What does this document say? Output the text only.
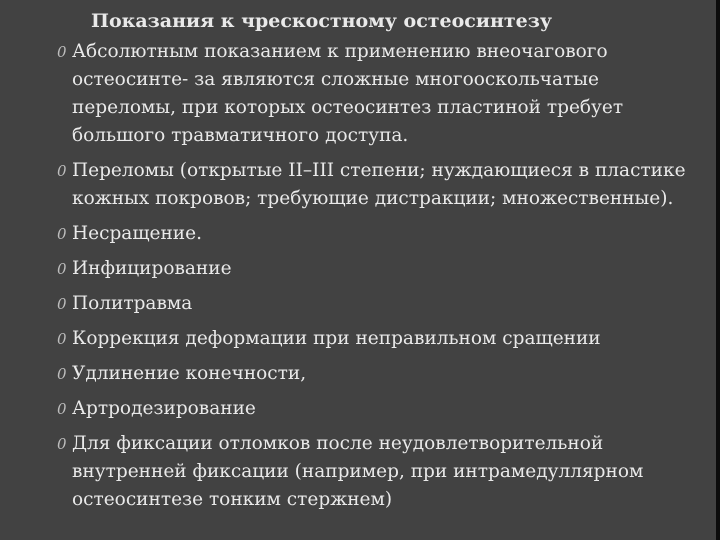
Показания к чрескостному остеосинтезу
0 Абсолютным показанием к применению внеочагового остеосинте- за являются сложные многооскольчатые переломы, при которых остеосинтез пластиной требует большого травматичного доступа.
0 Переломы (открытые II–III степени; нуждающиеся в пластике кожных покровов; требующие дистракции; множественные).
0 Несращение.
0 Инфицирование
0 Политравма
0 Коррекция деформации при неправильном сращении
0 Удлинение конечности,
0 Артродезирование
0 Для фиксации отломков после неудовлетворительной внутренней фиксации (например, при интрамедуллярном остеосинтезе тонким стержнем)
